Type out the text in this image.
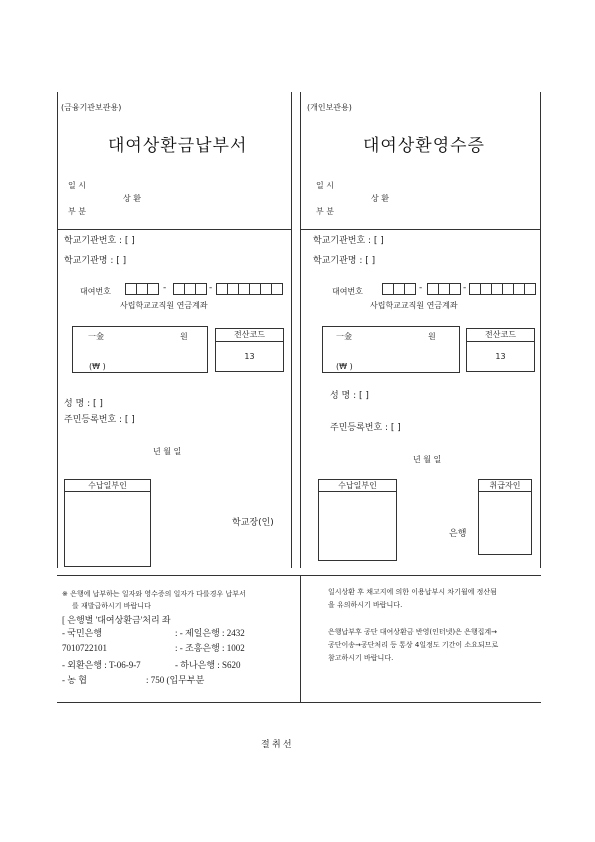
(금융기관보관용)
대여상환금납부서
일 시
상 환
부 분
학교기관번호 : [ ]
학교기관명 : [ ]
대여번호	-	-
사립학교교직원 연금계좌
一金	원
(₩ )
전산코드
13
성 명 : [ ]
주민등록번호 : [ ]
년 월 일
수납일부인
학교장(인)
(개인보관용)
대여상환영수증
일 시
상 환
부 분
학교기관번호 : [ ]
학교기관명 : [ ]
대여번호	-	-
사립학교교직원 연금계좌
一金	원
(₩ )
전산코드
13
성 명 : [ ]
주민등록번호 : [ ]
년 월 일
수납일부인	취급자인
은행
※ 은행에 납부하는 일자와 영수증의 일자가 다를경우 납부서
를 재발급하시기 바랍니다
[ 은행별 '대여상환금'처리 좌
- 국민은행	: - 제일은행 : 2432
7010722101	: - 조흥은행 : 1002
- 외환은행 : T-06-9-7	- 하나은행 : S620
- 농 협	: 750 (입무부분
일시상환 후 채고지에 의한 이용납부시 차기월에 정산됨
을 유의하시기 바랍니다.
은행납부후 공단 대여상환금 반영(인터넷)은 은행집계→
공단이송→공단처리 등 통상 4일정도 기간이 소요되므로
참고하시기 바랍니다.
절 취 선
